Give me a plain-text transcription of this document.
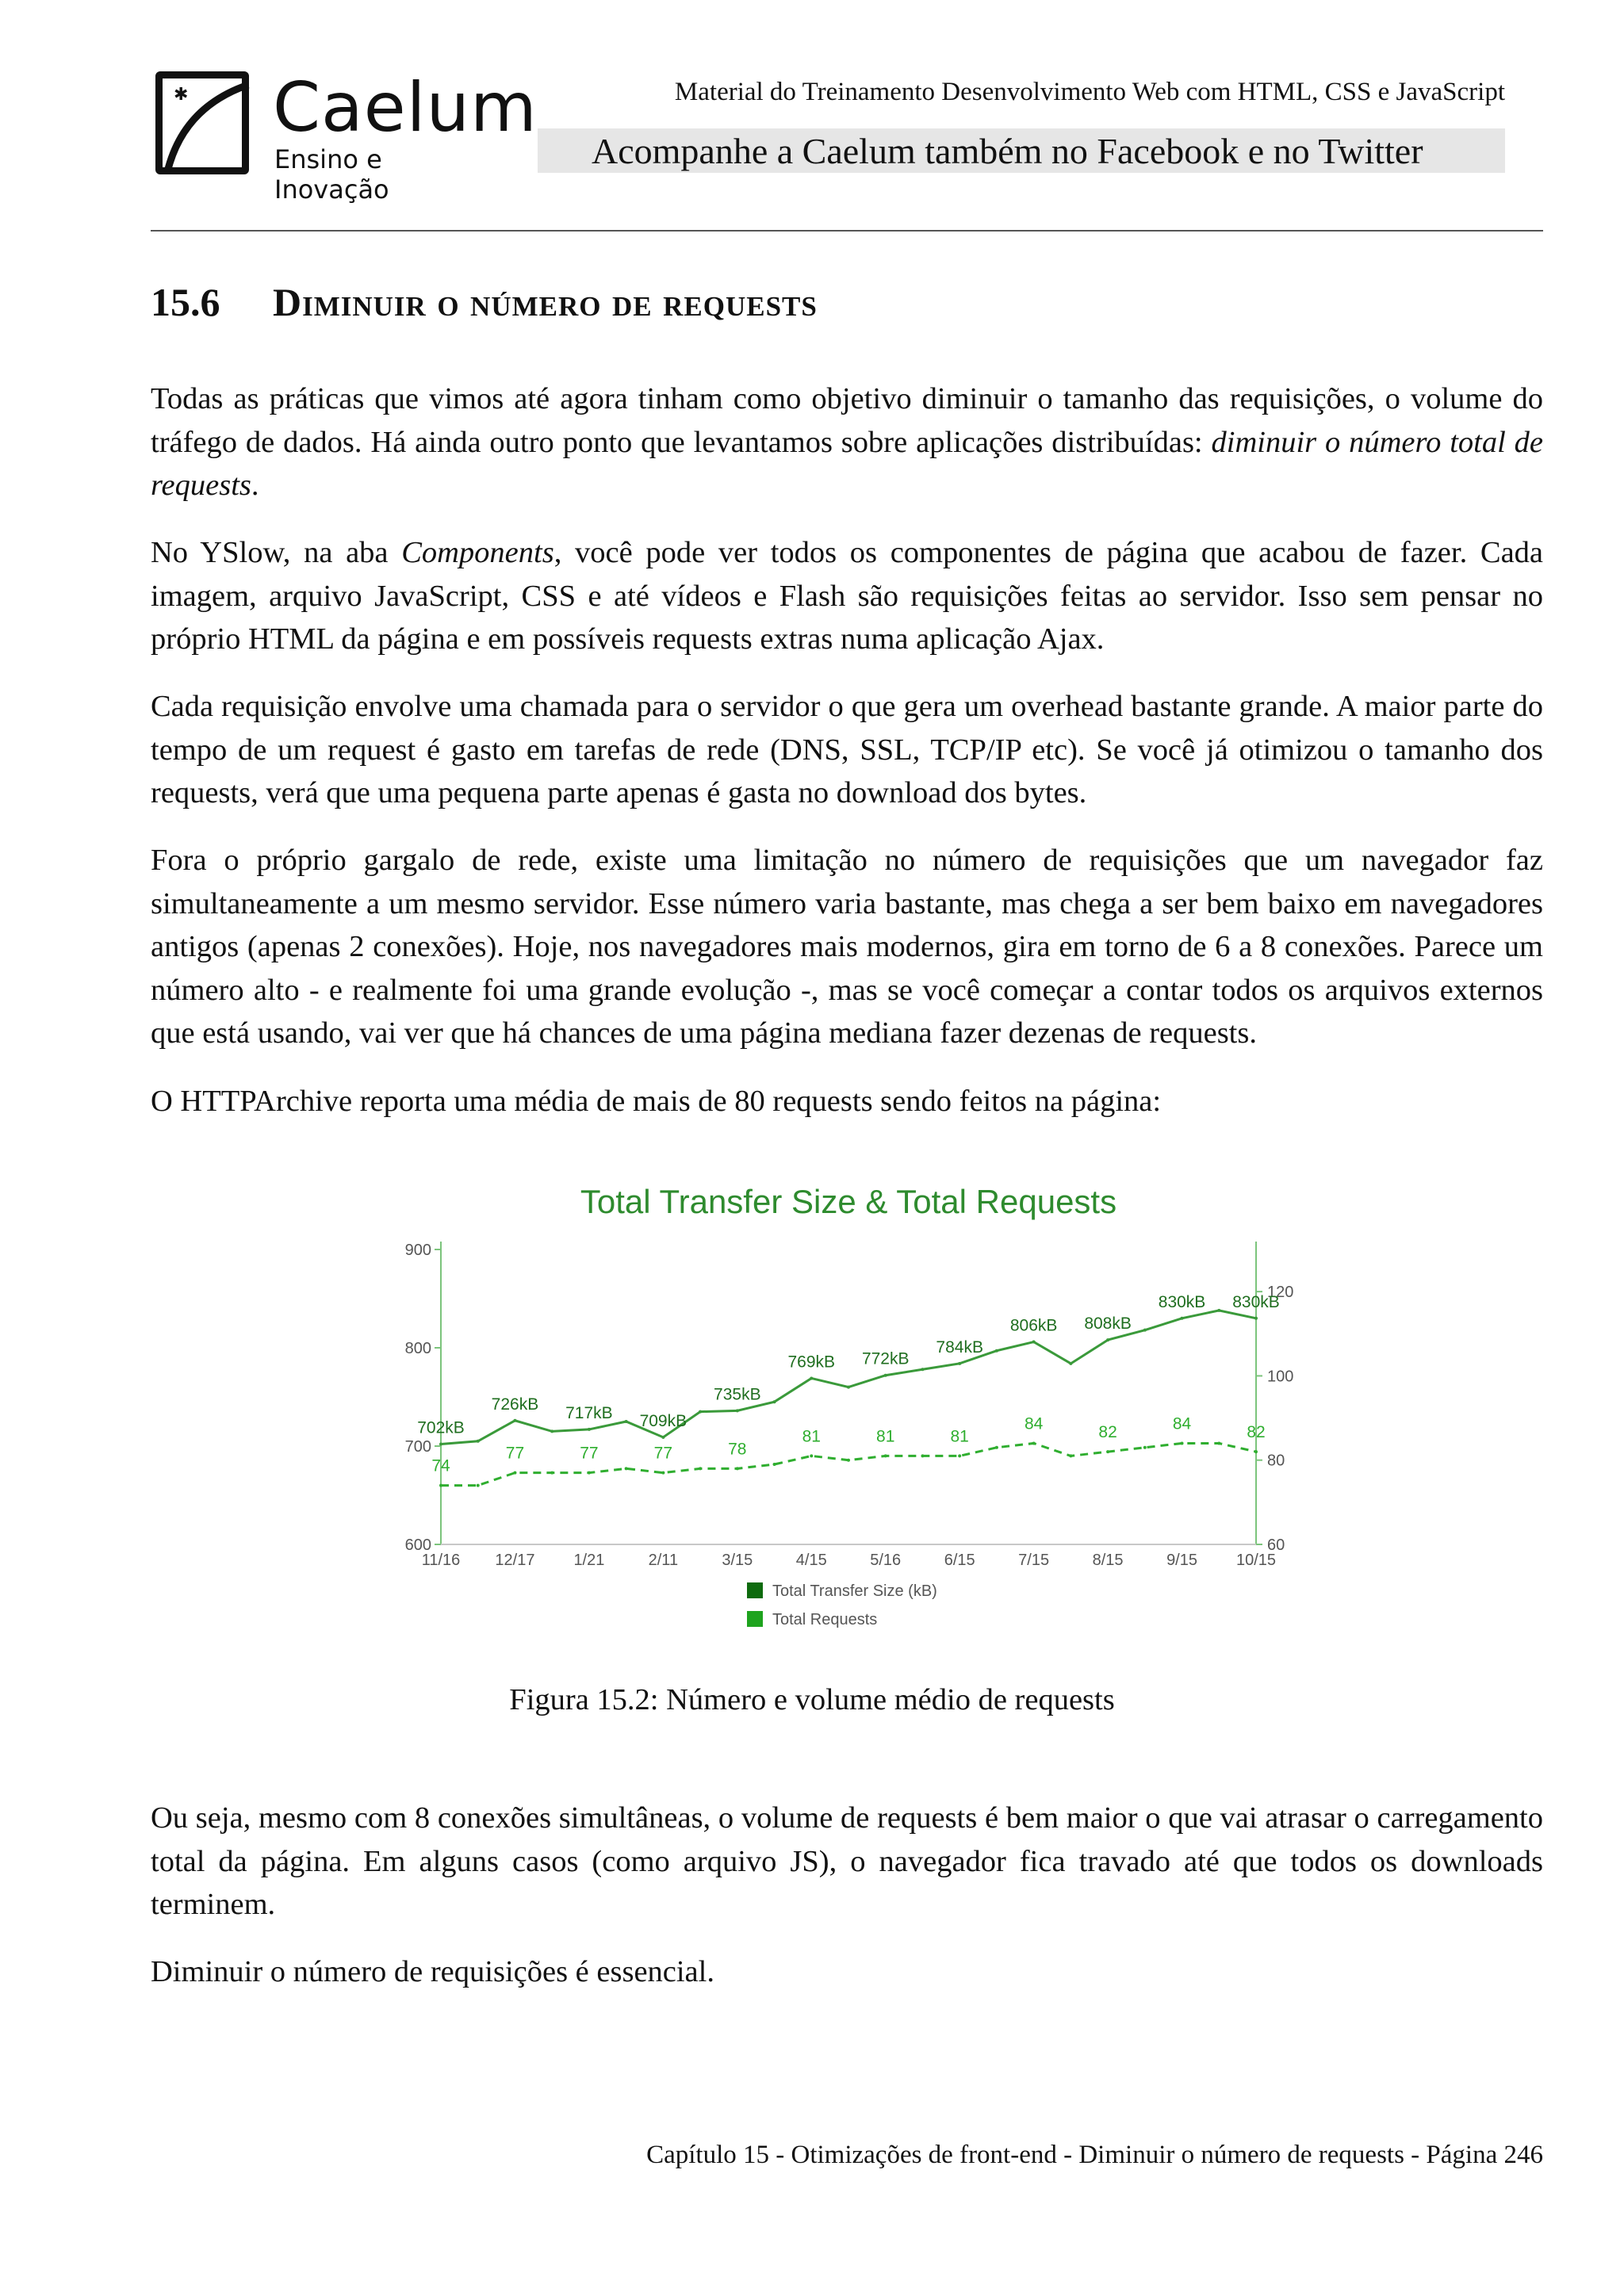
✱ Caelum
Ensino e Inovação
Material do Treinamento Desenvolvimento Web com HTML, CSS e JavaScript
Acompanhe a Caelum também no Facebook e no Twitter
15.6 Diminuir o número de requests

Todas as práticas que vimos até agora tinham como objetivo diminuir o tamanho das requisições, o volume do tráfego de dados. Há ainda outro ponto que levantamos sobre aplicações distribuídas: diminuir o número total de requests.

No YSlow, na aba Components, você pode ver todos os componentes de página que acabou de fazer. Cada imagem, arquivo JavaScript, CSS e até vídeos e Flash são requisições feitas ao servidor. Isso sem pensar no próprio HTML da página e em possíveis requests extras numa aplicação Ajax.

Cada requisição envolve uma chamada para o servidor o que gera um overhead bastante grande. A maior parte do tempo de um request é gasto em tarefas de rede (DNS, SSL, TCP/IP etc). Se você já otimizou o tamanho dos requests, verá que uma pequena parte apenas é gasta no download dos bytes.

Fora o próprio gargalo de rede, existe uma limitação no número de requisições que um navegador faz simultaneamente a um mesmo servidor. Esse número varia bastante, mas chega a ser bem baixo em navegadores antigos (apenas 2 conexões). Hoje, nos navegadores mais modernos, gira em torno de 6 a 8 conexões. Parece um número alto - e realmente foi uma grande evolução -, mas se você começar a contar todos os arquivos externos que está usando, vai ver que há chances de uma página mediana fazer dezenas de requests.

O HTTPArchive reporta uma média de mais de 80 requests sendo feitos na página:

Total Transfer Size & Total Requests
600
700
800
900
60
80
100
120
11/16 12/17 1/21	2/11	3/15	4/15	5/16	6/15	7/15	8/15	9/15 10/15
702kB
726kB 717kB 709kB
735kB
769kB 772kB
784kB
806kB 808kB
830kB 830kB
74
77	77	77	78
81	81	81
84	82	84	82
Total Transfer Size (kB)
Total Requests
Figura 15.2: Número e volume médio de requests

Ou seja, mesmo com 8 conexões simultâneas, o volume de requests é bem maior o que vai atrasar o carregamento total da página. Em alguns casos (como arquivo JS), o navegador fica travado até que todos os downloads terminem.

Diminuir o número de requisições é essencial.

Capítulo 15 - Otimizações de front-end - Diminuir o número de requests - Página 246
